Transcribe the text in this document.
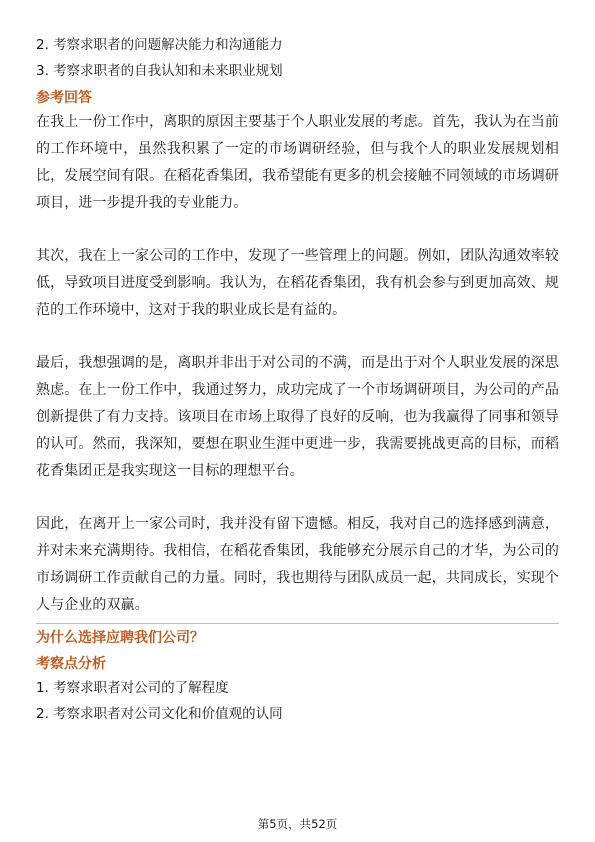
2. 考察求职者的问题解决能力和沟通能力
3. 考察求职者的自我认知和未来职业规划
参考回答

在我上一份工作中，离职的原因主要基于个人职业发展的考虑。首先，我认为在当前的工作环境中，虽然我积累了一定的市场调研经验，但与我个人的职业发展规划相比，发展空间有限。在稻花香集团，我希望能有更多的机会接触不同领域的市场调研项目，进一步提升我的专业能力。

其次，我在上一家公司的工作中，发现了一些管理上的问题。例如，团队沟通效率较低，导致项目进度受到影响。我认为，在稻花香集团，我有机会参与到更加高效、规范的工作环境中，这对于我的职业成长是有益的。

最后，我想强调的是，离职并非出于对公司的不满，而是出于对个人职业发展的深思熟虑。在上一份工作中，我通过努力，成功完成了一个市场调研项目，为公司的产品创新提供了有力支持。该项目在市场上取得了良好的反响，也为我赢得了同事和领导的认可。然而，我深知，要想在职业生涯中更进一步，我需要挑战更高的目标，而稻花香集团正是我实现这一目标的理想平台。

因此，在离开上一家公司时，我并没有留下遗憾。相反，我对自己的选择感到满意，并对未来充满期待。我相信，在稻花香集团，我能够充分展示自己的才华，为公司的市场调研工作贡献自己的力量。同时，我也期待与团队成员一起，共同成长，实现个人与企业的双赢。

为什么选择应聘我们公司？
考察点分析
1. 考察求职者对公司的了解程度
2. 考察求职者对公司文化和价值观的认同
第5页，共52页
